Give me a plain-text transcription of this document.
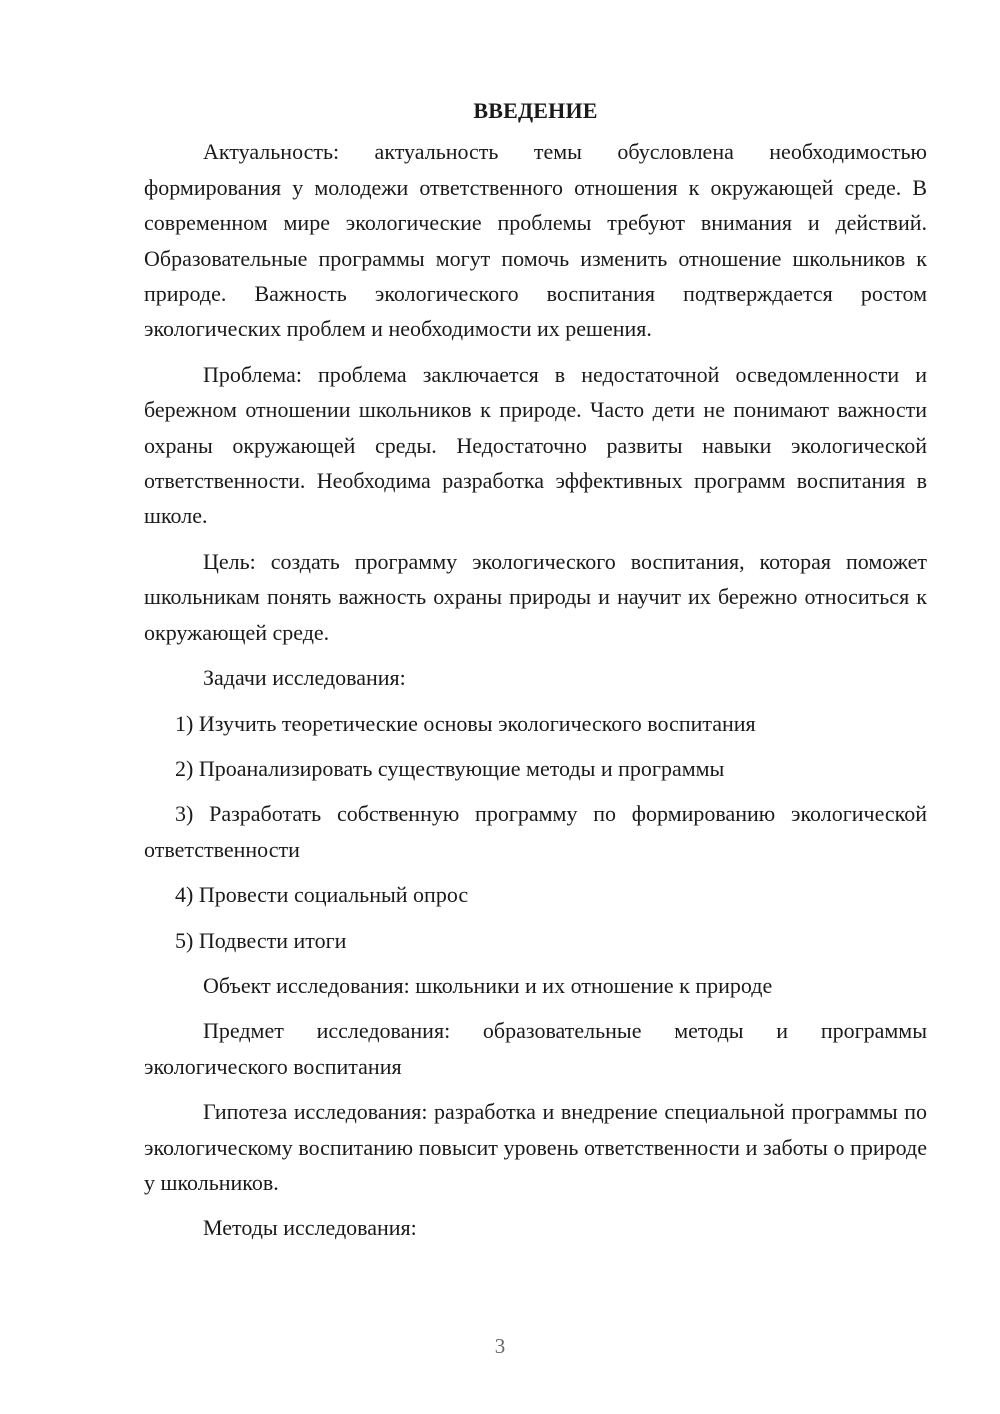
ВВЕДЕНИЕ
Актуальность: актуальность темы обусловлена необходимостью формирования у молодежи ответственного отношения к окружающей среде. В современном мире экологические проблемы требуют внимания и действий. Образовательные программы могут помочь изменить отношение школьников к природе. Важность экологического воспитания подтверждается ростом экологических проблем и необходимости их решения.
Проблема: проблема заключается в недостаточной осведомленности и бережном отношении школьников к природе. Часто дети не понимают важности охраны окружающей среды. Недостаточно развиты навыки экологической ответственности. Необходима разработка эффективных программ воспитания в школе.
Цель: создать программу экологического воспитания, которая поможет школьникам понять важность охраны природы и научит их бережно относиться к окружающей среде.
Задачи исследования:
1) Изучить теоретические основы экологического воспитания
2) Проанализировать существующие методы и программы
3) Разработать собственную программу по формированию экологической ответственности
4) Провести социальный опрос
5) Подвести итоги
Объект исследования: школьники и их отношение к природе
Предмет исследования: образовательные методы и программы экологического воспитания
Гипотеза исследования: разработка и внедрение специальной программы по экологическому воспитанию повысит уровень ответственности и заботы о природе у школьников.
Методы исследования:
3
